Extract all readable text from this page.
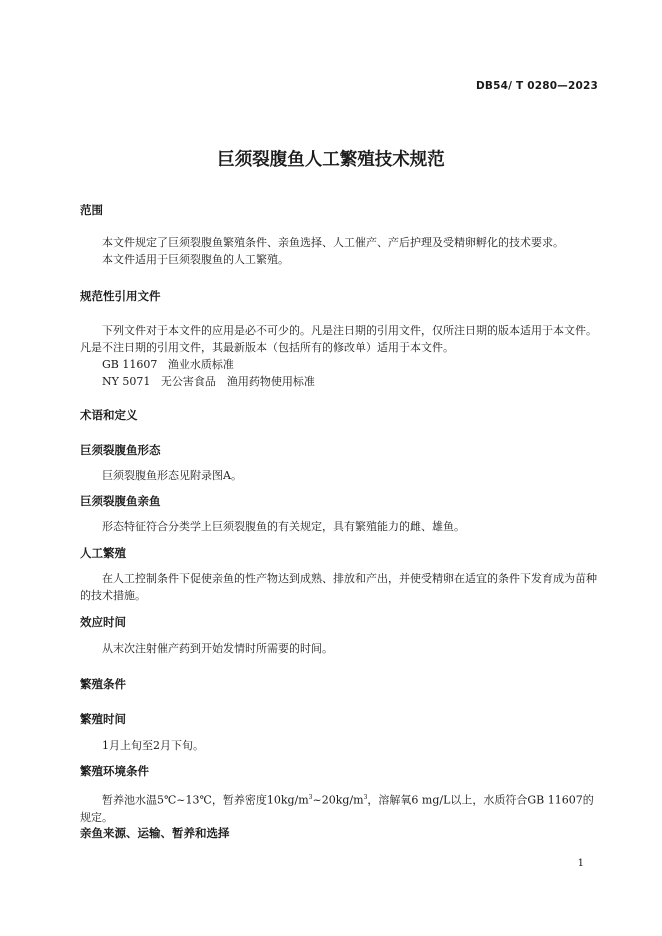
DB54/ T 0280—2023
巨须裂腹鱼人工繁殖技术规范
范围
本文件规定了巨须裂腹鱼繁殖条件、亲鱼选择、人工催产、产后护理及受精卵孵化的技术要求。
本文件适用于巨须裂腹鱼的人工繁殖。
规范性引用文件
下列文件对于本文件的应用是必不可少的。凡是注日期的引用文件，仅所注日期的版本适用于本文件。凡是不注日期的引用文件，其最新版本（包括所有的修改单）适用于本文件。
GB 11607 渔业水质标准
NY 5071 无公害食品　渔用药物使用标准
术语和定义
巨须裂腹鱼形态
巨须裂腹鱼形态见附录图A。
巨须裂腹鱼亲鱼
形态特征符合分类学上巨须裂腹鱼的有关规定，具有繁殖能力的雌、雄鱼。
人工繁殖
在人工控制条件下促使亲鱼的性产物达到成熟、排放和产出，并使受精卵在适宜的条件下发育成为苗种的技术措施。
效应时间
从末次注射催产药到开始发情时所需要的时间。
繁殖条件
繁殖时间
1月上旬至2月下旬。
繁殖环境条件
暂养池水温5℃~13℃，暂养密度$10kg/m^3\sim 20kg/m^3$，溶解氧6 mg/L以上，水质符合GB 11607的规定。
亲鱼来源、运输、暂养和选择
1
